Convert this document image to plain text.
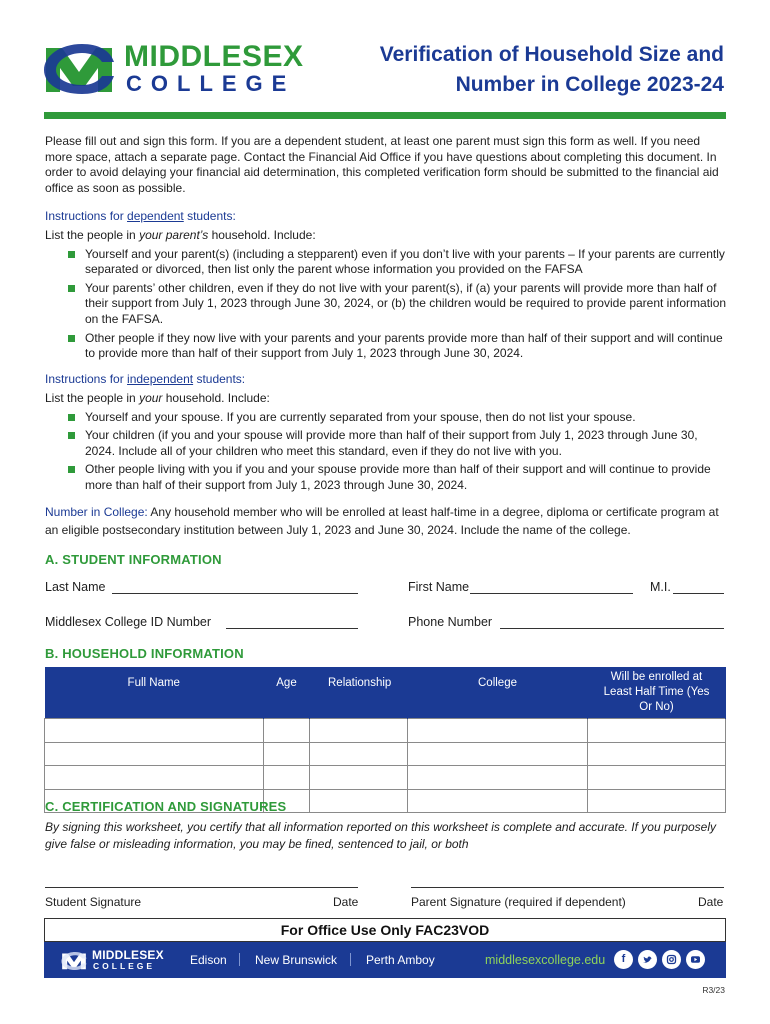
MIDDLESEX
COLLEGE
Verification of Household Size and
Number in College 2023-24
Please fill out and sign this form. If you are a dependent student, at least one parent must sign this form as well. If you need more space, attach a separate page. Contact the Financial Aid Office if you have questions about completing this document. In order to avoid delaying your financial aid determination, this completed verification form should be submitted to the financial aid office as soon as possible.
Instructions for dependent students:
List the people in your parent’s household. Include:
Yourself and your parent(s) (including a stepparent) even if you don’t live with your parents – If your parents are currently separated or divorced, then list only the parent whose information you provided on the FAFSA
Your parents’ other children, even if they do not live with your parent(s), if (a) your parents will provide more than half of their support from July 1, 2023 through June 30, 2024, or (b) the children would be required to provide parent information on the FAFSA.
Other people if they now live with your parents and your parents provide more than half of their support and will continue to provide more than half of their support from July 1, 2023 through June 30, 2024.
Instructions for independent students:
List the people in your household. Include:
Yourself and your spouse. If you are currently separated from your spouse, then do not list your spouse.
Your children (if you and your spouse will provide more than half of their support from July 1, 2023 through June 30, 2024. Include all of your children who meet this standard, even if they do not live with you.
Other people living with you if you and your spouse provide more than half of their support and will continue to provide more than half of their support from July 1, 2023 through June 30, 2024.
Number in College: Any household member who will be enrolled at least half-time in a degree, diploma or certificate program at an eligible postsecondary institution between July 1, 2023 and June 30, 2024. Include the name of the college.
A. STUDENT INFORMATION
Last Name	First Name	M.I.
Middlesex College ID Number	Phone Number
B. HOUSEHOLD INFORMATION
Full Name	Age	Relationship	College	Will be enrolled at Least Half Time (Yes Or No)

C. CERTIFICATION AND SIGNATURES
By signing this worksheet, you certify that all information reported on this worksheet is complete and accurate. If you purposely give false or misleading information, you may be fined, sentenced to jail, or both
Student Signature	Date	Parent Signature (required if dependent)	Date
For Office Use Only FAC23VOD
MIDDLESEX
COLLEGE	Edison New Brunswick Perth Amboy	middlesexcollege.edu	f
R3/23
